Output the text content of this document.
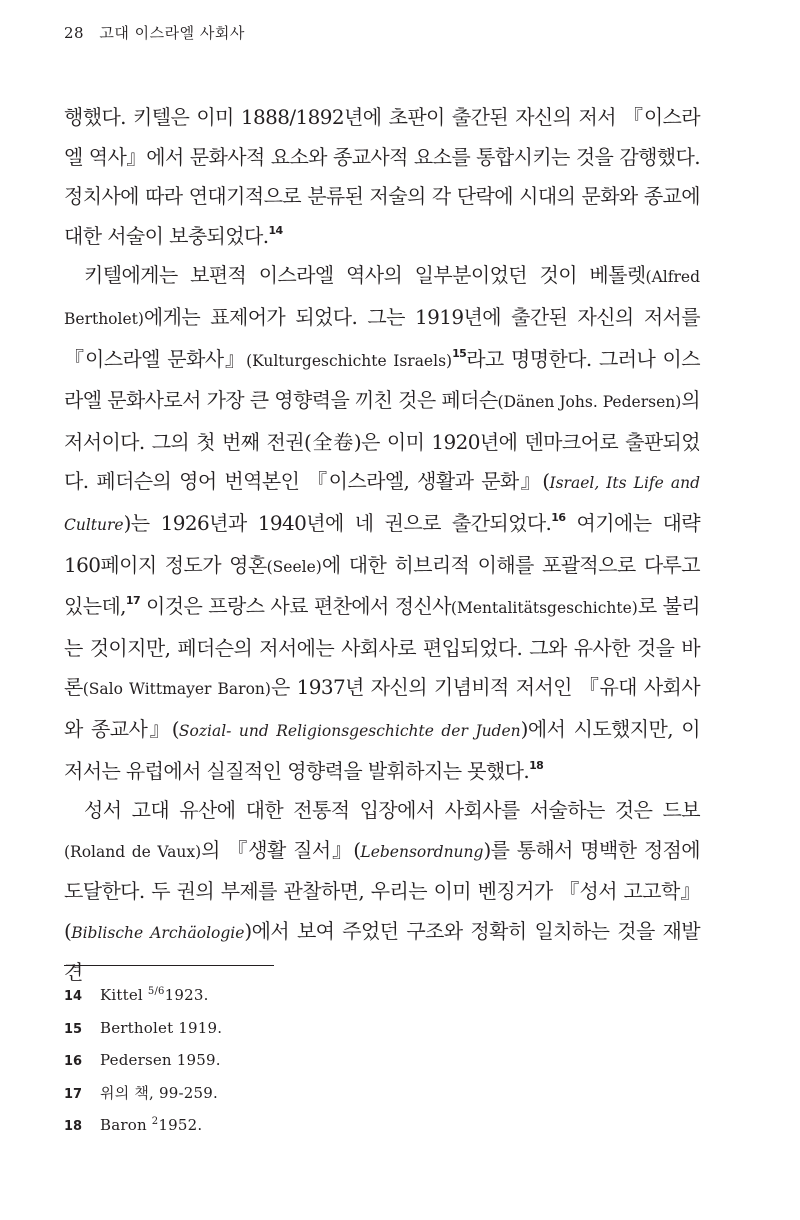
28 고대 이스라엘 사회사

행했다. 키텔은 이미 1888/1892년에 초판이 출간된 자신의 저서 『이스라엘 역사』에서 문화사적 요소와 종교사적 요소를 통합시키는 것을 감행했다. 정치사에 따라 연대기적으로 분류된 저술의 각 단락에 시대의 문화와 종교에 대한 서술이 보충되었다.$^{14}$

키텔에게는 보편적 이스라엘 역사의 일부분이었던 것이 베톨렛(Alfred Bertholet)에게는 표제어가 되었다. 그는 1919년에 출간된 자신의 저서를 『이스라엘 문화사』(Kulturgeschichte Israels)$^{15}$라고 명명한다. 그러나 이스라엘 문화사로서 가장 큰 영향력을 끼친 것은 페더슨(Dänen Johs. Pedersen)의 저서이다. 그의 첫 번째 전권(全卷)은 이미 1920년에 덴마크어로 출판되었다. 페더슨의 영어 번역본인 『이스라엘, 생활과 문화』(Israel, Its Life and Culture)는 1926년과 1940년에 네 권으로 출간되었다.$^{16}$ 여기에는 대략 160페이지 정도가 영혼(Seele)에 대한 히브리적 이해를 포괄적으로 다루고 있는데,$^{17}$ 이것은 프랑스 사료 편찬에서 정신사(Mentalitätsgeschichte)로 불리는 것이지만, 페더슨의 저서에는 사회사로 편입되었다. 그와 유사한 것을 바론(Salo Wittmayer Baron)은 1937년 자신의 기념비적 저서인 『유대 사회사와 종교사』(Sozial- und Religionsgeschichte der Juden)에서 시도했지만, 이 저서는 유럽에서 실질적인 영향력을 발휘하지는 못했다.$^{18}$

성서 고대 유산에 대한 전통적 입장에서 사회사를 서술하는 것은 드보(Roland de Vaux)의 『생활 질서』(Lebensordnung)를 통해서 명백한 정점에 도달한다. 두 권의 부제를 관찰하면, 우리는 이미 벤징거가 『성서 고고학』(Biblische Archäologie)에서 보여 주었던 구조와 정확히 일치하는 것을 재발견

14	Kittel $^{5/6}$1923.
15	Bertholet 1919.
16	Pedersen 1959.
17	위의 책, 99-259.
18	Baron $^2$1952.
